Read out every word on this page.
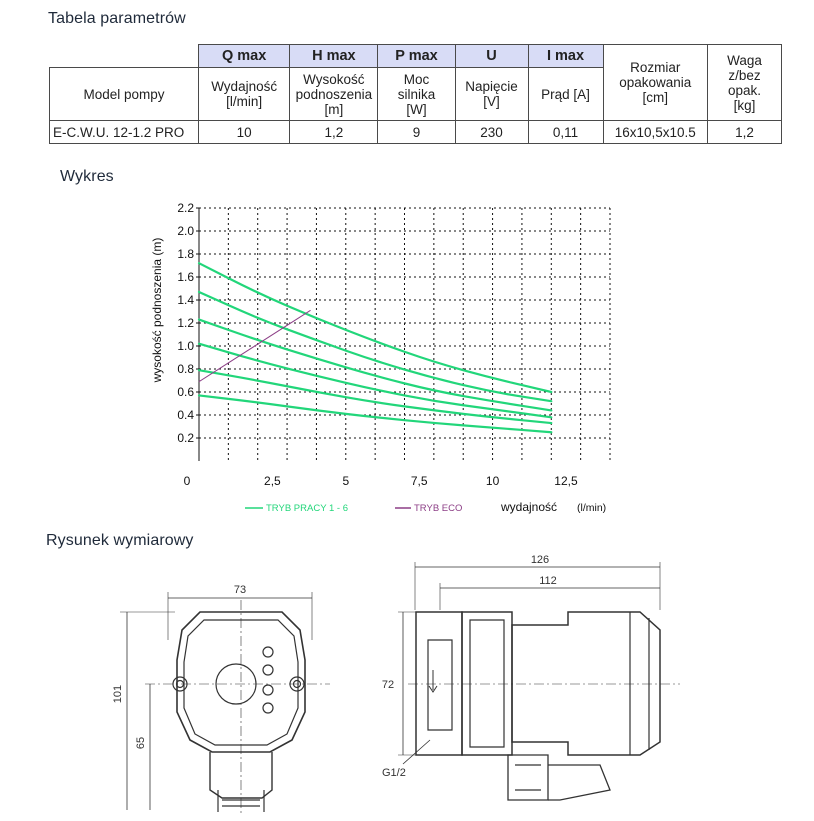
Tabela parametrów
Wykres
Rysunek wymiarowy
	Q max	H max	P max	U	I max	Rozmiar opakowania [cm]	Waga z/bez opak. [kg]
Model pompy	Wydajność [l/min]	Wysokość podnoszenia [m]	Moc silnika [W]	Napięcie [V]	Prąd [A]		
E-C.W.U. 12-1.2 PRO	10	1,2	9	230	0,11	16x10,5x10.5	1,2
0.2
0.4
0.6
0.8
1.0
1.2
1.4
1.6
1.8
2.0
2.2
0	2,5	5	7,5	10	12,5
wysokość podnoszenia (m)
TRYB PRACY 1 - 6	TRYB ECO	wydajność (l/min)
73
101
65
126
112
72
G1/2
